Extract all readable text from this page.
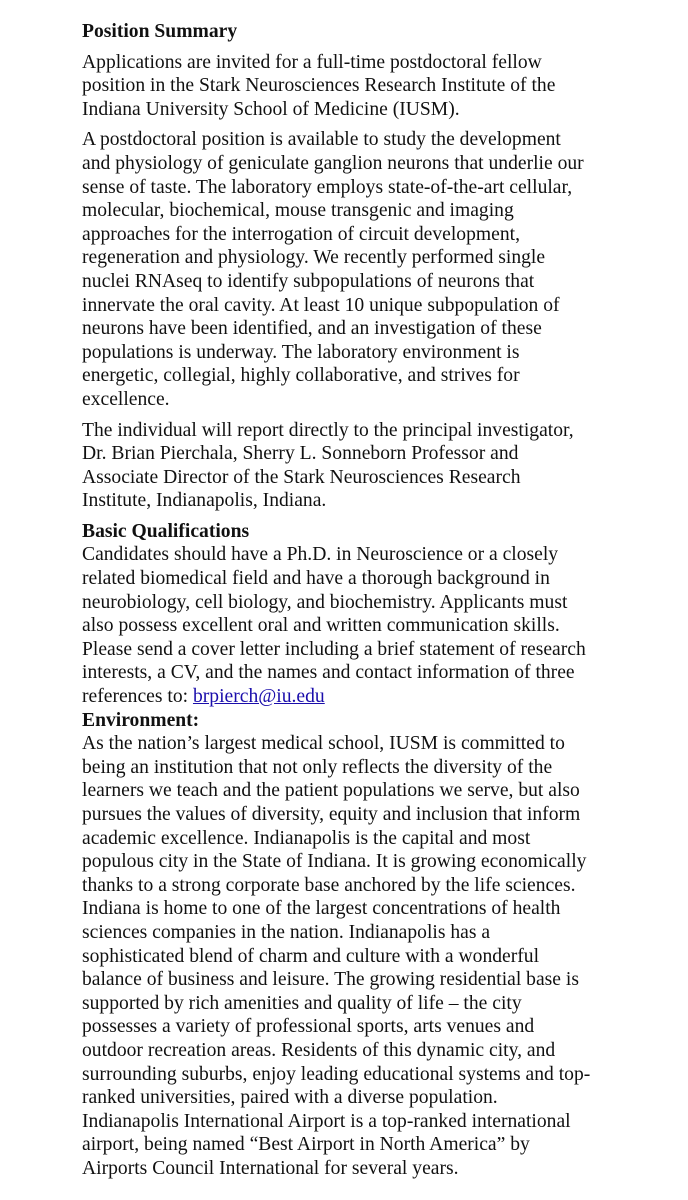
Position Summary
Applications are invited for a full-time postdoctoral fellow
position in the Stark Neurosciences Research Institute of the
Indiana University School of Medicine (IUSM).
A postdoctoral position is available to study the development
and physiology of geniculate ganglion neurons that underlie our
sense of taste. The laboratory employs state-of-the-art cellular,
molecular, biochemical, mouse transgenic and imaging
approaches for the interrogation of circuit development,
regeneration and physiology. We recently performed single
nuclei RNAseq to identify subpopulations of neurons that
innervate the oral cavity. At least 10 unique subpopulation of
neurons have been identified, and an investigation of these
populations is underway. The laboratory environment is
energetic, collegial, highly collaborative, and strives for
excellence.
The individual will report directly to the principal investigator,
Dr. Brian Pierchala, Sherry L. Sonneborn Professor and
Associate Director of the Stark Neurosciences Research
Institute, Indianapolis, Indiana.
Basic Qualifications
Candidates should have a Ph.D. in Neuroscience or a closely
related biomedical field and have a thorough background in
neurobiology, cell biology, and biochemistry. Applicants must
also possess excellent oral and written communication skills.
Please send a cover letter including a brief statement of research
interests, a CV, and the names and contact information of three
references to: brpierch@iu.edu
Environment:
As the nation’s largest medical school, IUSM is committed to
being an institution that not only reflects the diversity of the
learners we teach and the patient populations we serve, but also
pursues the values of diversity, equity and inclusion that inform
academic excellence. Indianapolis is the capital and most
populous city in the State of Indiana. It is growing economically
thanks to a strong corporate base anchored by the life sciences.
Indiana is home to one of the largest concentrations of health
sciences companies in the nation. Indianapolis has a
sophisticated blend of charm and culture with a wonderful
balance of business and leisure. The growing residential base is
supported by rich amenities and quality of life – the city
possesses a variety of professional sports, arts venues and
outdoor recreation areas. Residents of this dynamic city, and
surrounding suburbs, enjoy leading educational systems and top-
ranked universities, paired with a diverse population.
Indianapolis International Airport is a top-ranked international
airport, being named “Best Airport in North America” by
Airports Council International for several years.
